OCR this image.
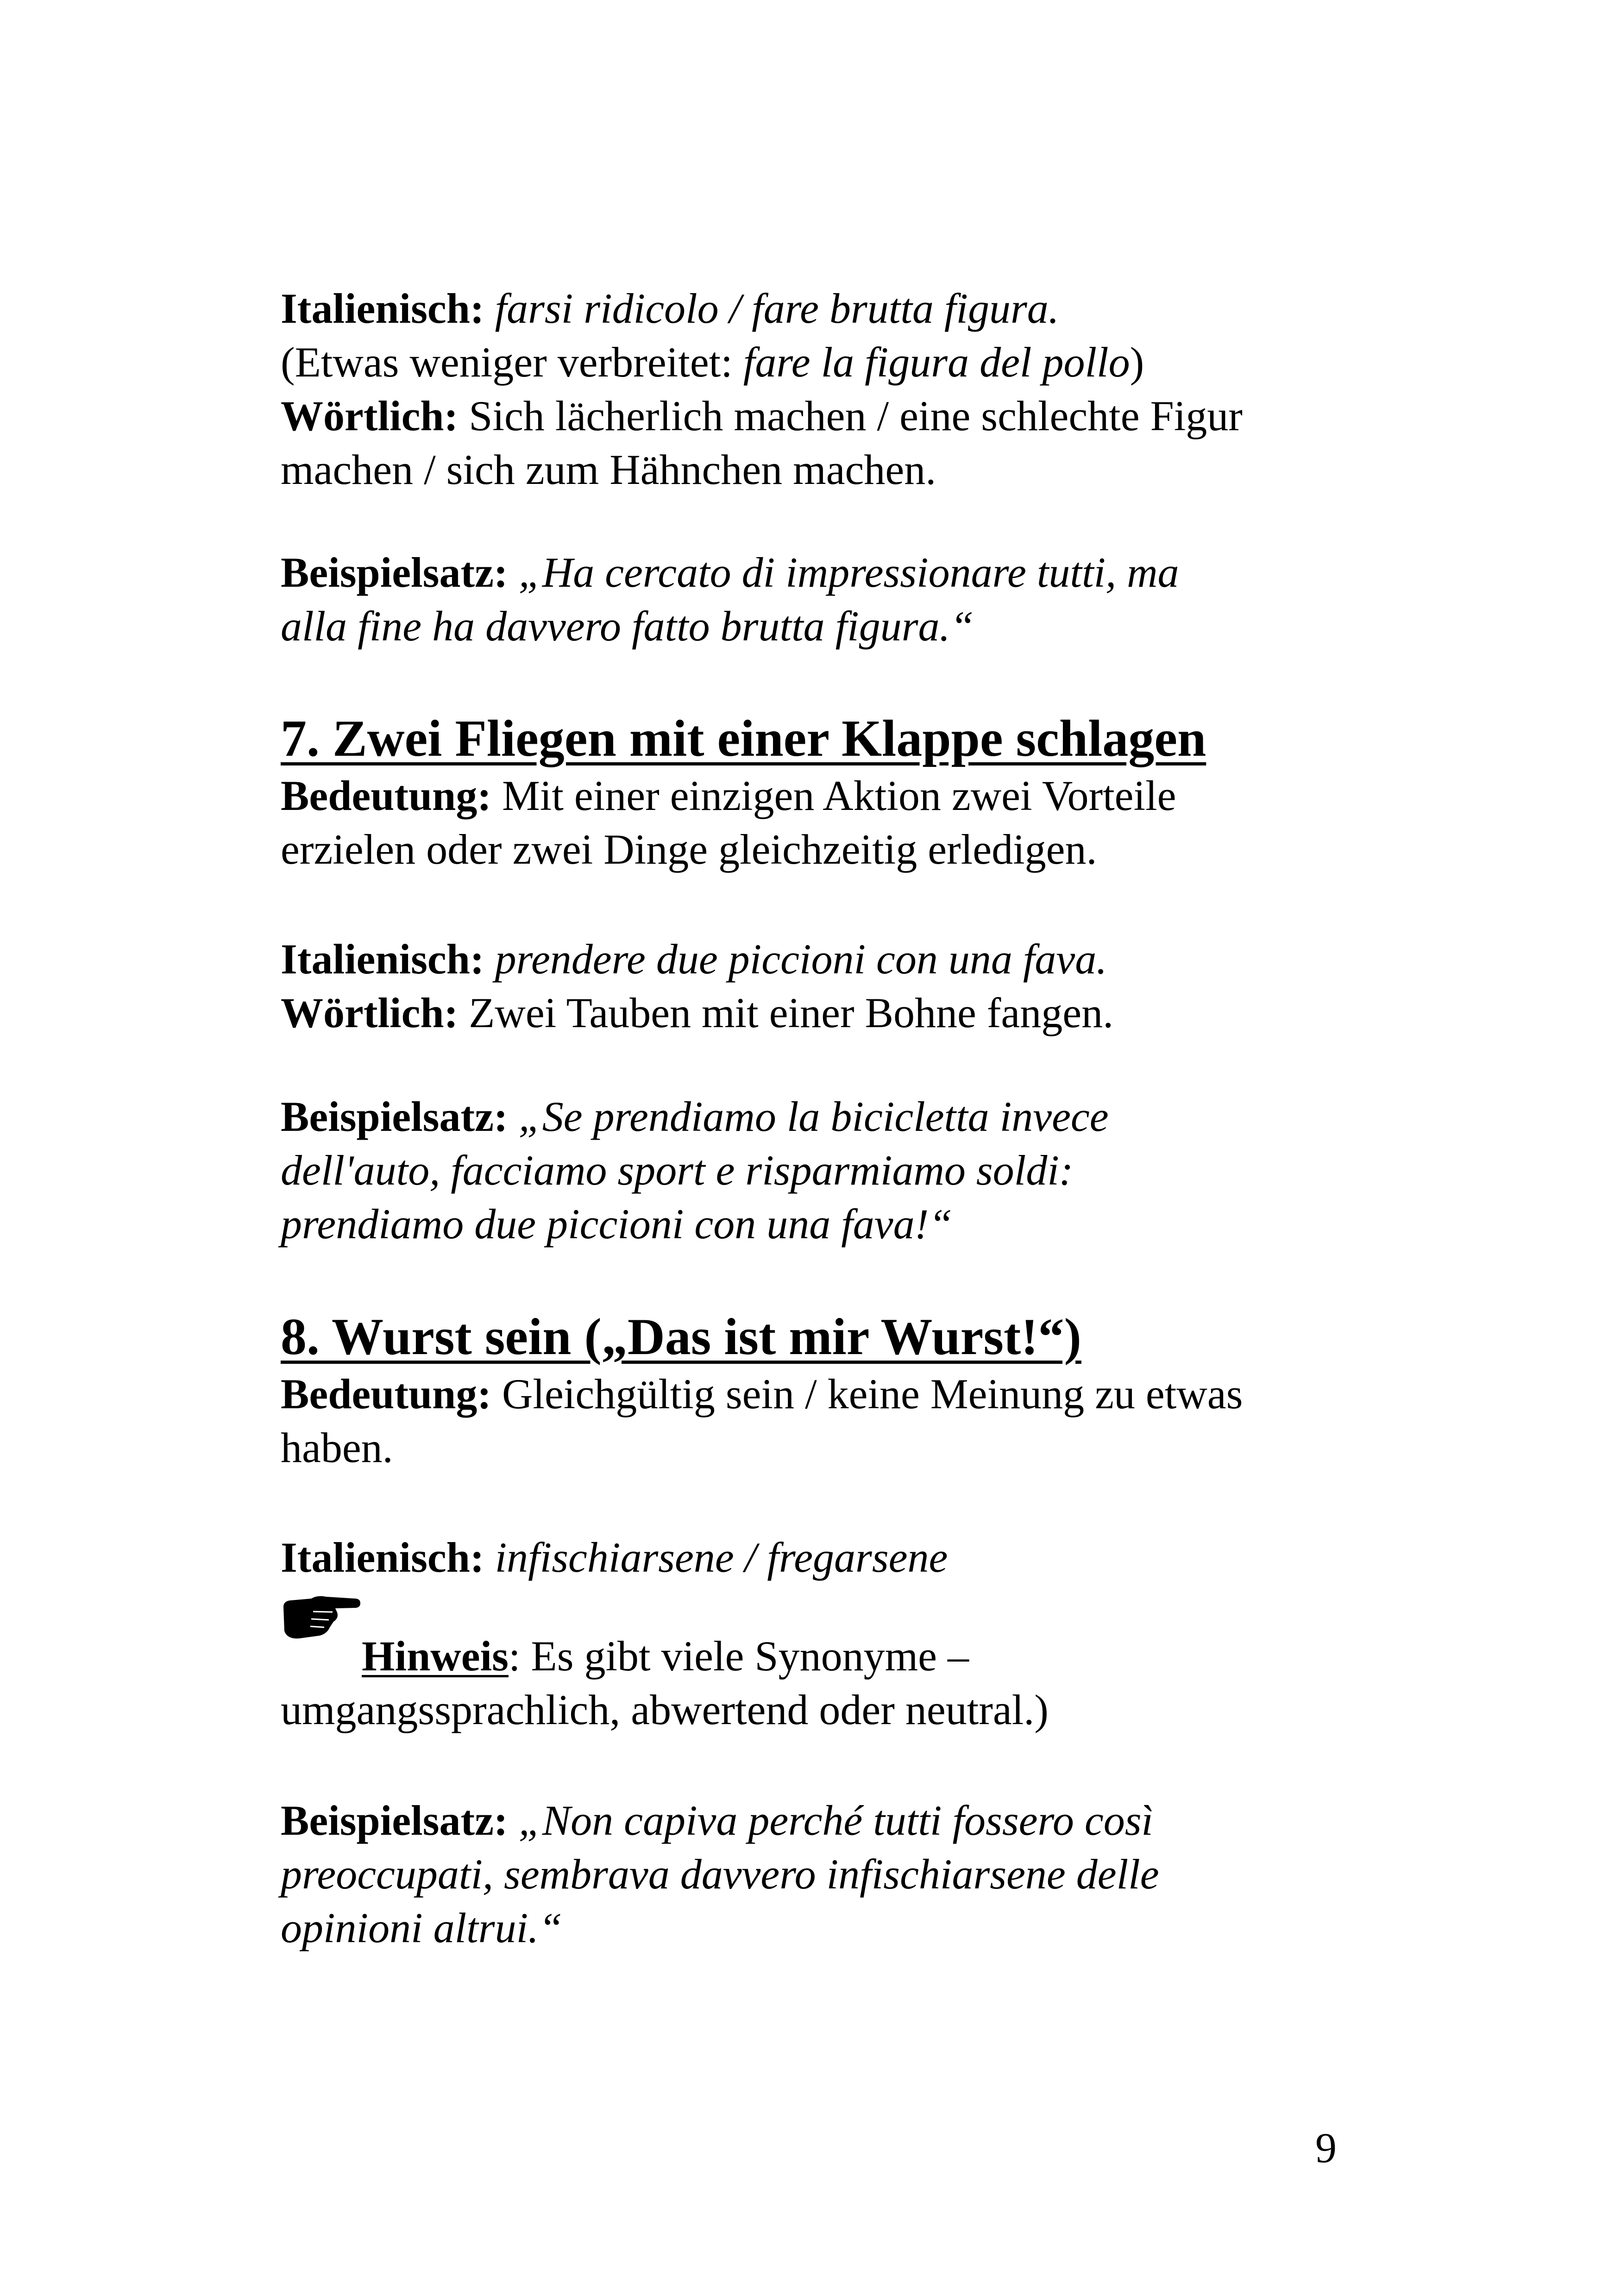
Italienisch: farsi ridicolo / fare brutta figura.

(Etwas weniger verbreitet: fare la figura del pollo)

Wörtlich: Sich lächerlich machen / eine schlechte Figur

machen / sich zum Hähnchen machen.

Beispielsatz: „Ha cercato di impressionare tutti, ma

alla fine ha davvero fatto brutta figura.“

7. Zwei Fliegen mit einer Klappe schlagen

Bedeutung: Mit einer einzigen Aktion zwei Vorteile

erzielen oder zwei Dinge gleichzeitig erledigen.

Italienisch: prendere due piccioni con una fava.

Wörtlich: Zwei Tauben mit einer Bohne fangen.

Beispielsatz: „Se prendiamo la bicicletta invece

dell'auto, facciamo sport e risparmiamo soldi:

prendiamo due piccioni con una fava!“

8. Wurst sein („Das ist mir Wurst!“)

Bedeutung: Gleichgültig sein / keine Meinung zu etwas

haben.

Italienisch: infischiarsene / fregarsene

Hinweis: Es gibt viele Synonyme –

umgangssprachlich, abwertend oder neutral.)

Beispielsatz: „Non capiva perché tutti fossero così

preoccupati, sembrava davvero infischiarsene delle

opinioni altrui.“

9
